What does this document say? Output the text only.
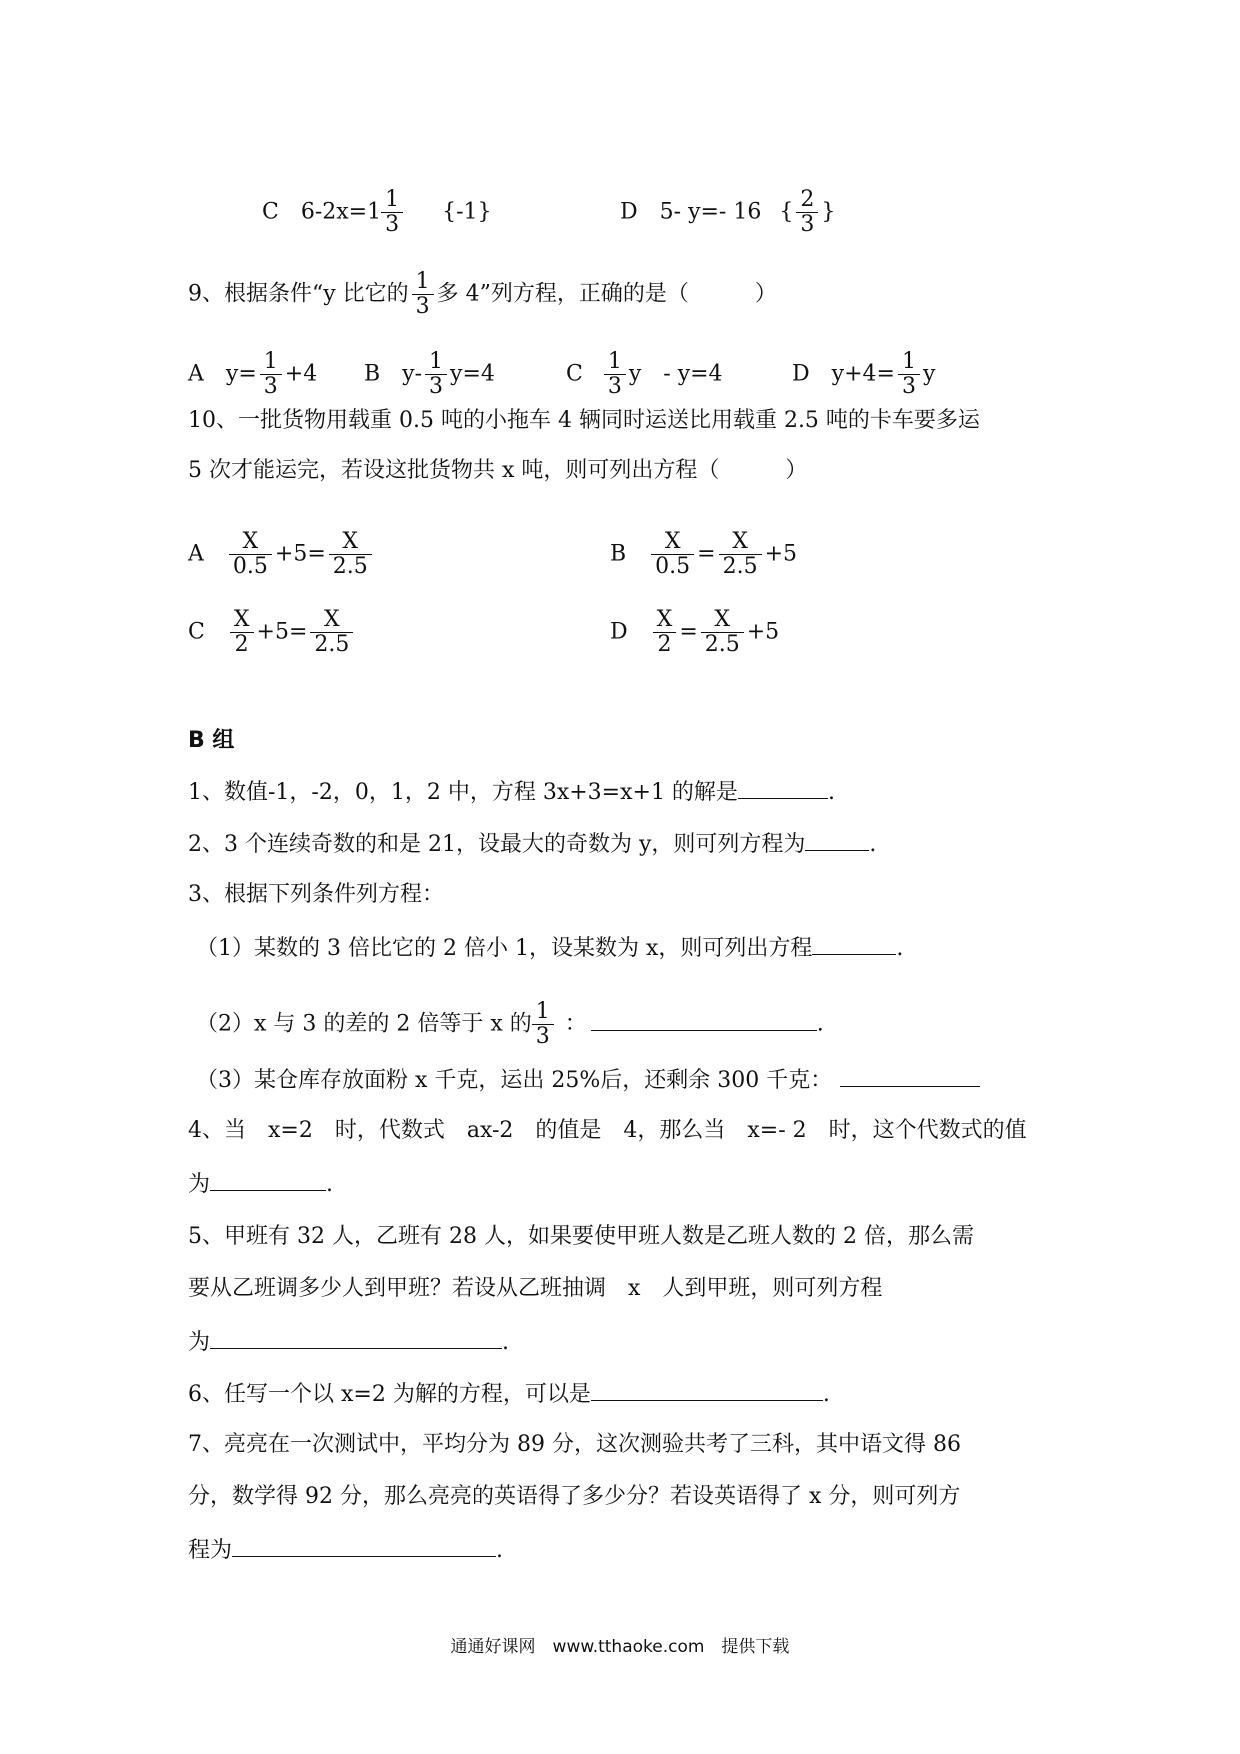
C $6-2x=1 \frac{1}{3} \{-1\}$	D 5- y=- 16 { $\frac{2}{3}$ }
9、根据条件“y 比它的 $\frac{1}{3}$ 多 4”列方程，正确的是（　　　）
A $y= \frac{1}{3} +4$ B $y- \frac{1}{3} y=4$	C $\frac{1}{3}$ y　- y=4	D $y+4= \frac{1}{3}$ y
10、一批货物用载重 0.5 吨的小拖车 4 辆同时运送比用载重 2.5 吨的卡车要多运
5 次才能运完，若设这批货物共 x 吨，则可列出方程（　　　）
A $\frac{X}{0.5} +5= \frac{X}{2.5}$	B $\frac{X}{0.5} = \frac{X}{2.5} +5$
C $\frac{X}{2} +5= \frac{X}{2.5}$	D $\frac{X}{2} = \frac{X}{2.5} +5$
B 组
1、数值-1，-2，0，1，2 中，方程 3x+3=x+1 的解是	.
2、3 个连续奇数的和是 21，设最大的奇数为 y，则可列方程为	.
3、根据下列条件列方程：
（1）某数的 3 倍比它的 2 倍小 1，设某数为 x，则可列出方程	.
（2）x 与 3 的差的 2 倍等于 x 的 $\frac{1}{3}$ ：	.
（3）某仓库存放面粉 x 千克，运出 25%后，还剩余 300 千克：
4、当　x=2　时，代数式　ax-2　的值是　4，那么当　x=- 2　时，这个代数式的值
为	.
5、甲班有 32 人，乙班有 28 人，如果要使甲班人数是乙班人数的 2 倍，那么需
要从乙班调多少人到甲班？若设从乙班抽调　x　人到甲班，则可列方程
为	.
6、任写一个以 x=2 为解的方程，可以是	.
7、亮亮在一次测试中，平均分为 89 分，这次测验共考了三科，其中语文得 86
分，数学得 92 分，那么亮亮的英语得了多少分？若设英语得了 x 分，则可列方
程为	.
通通好课网　www.tthaoke.com　提供下载
